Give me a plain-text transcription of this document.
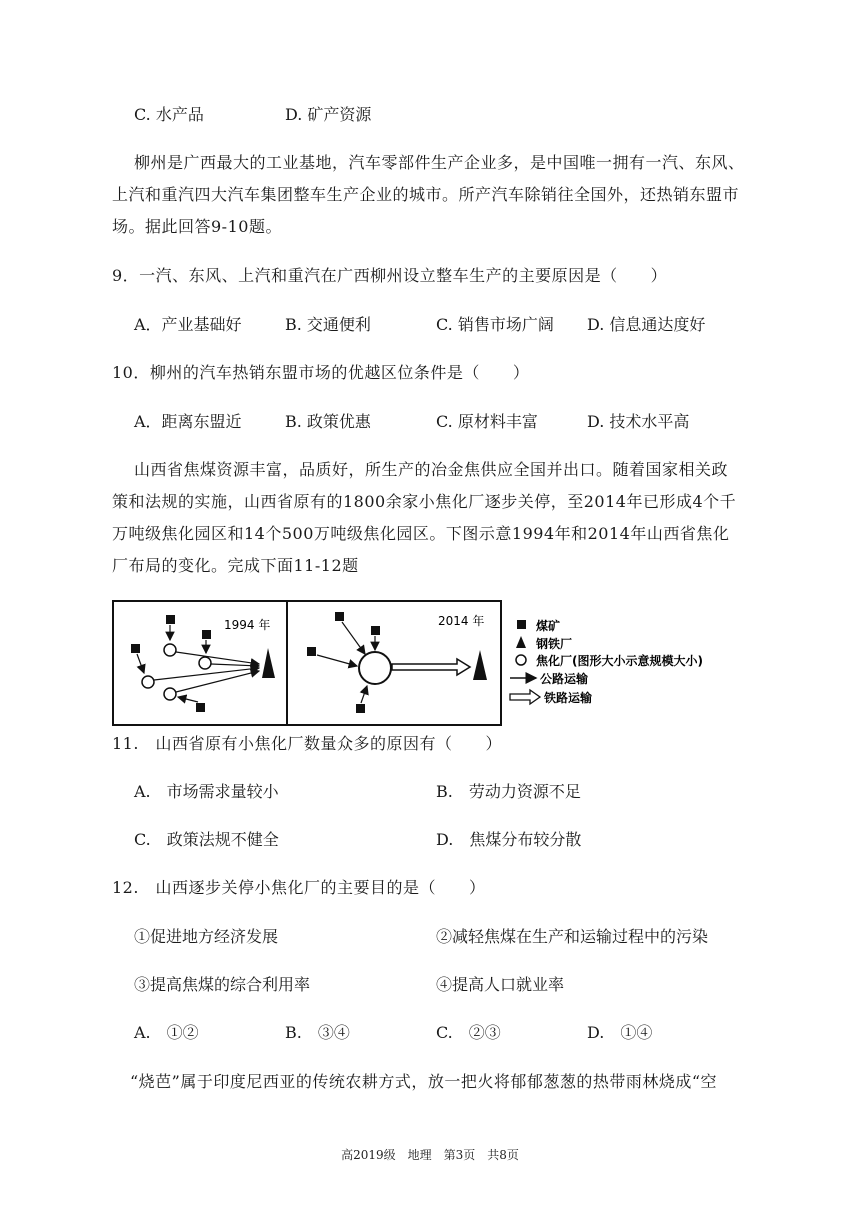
C. 水产品	D. 矿产资源
柳州是广西最大的工业基地，汽车零部件生产企业多，是中国唯一拥有一汽、东风、
上汽和重汽四大汽车集团整车生产企业的城市。所产汽车除销往全国外，还热销东盟市
场。据此回答9-10题。
9．一汽、东风、上汽和重汽在广西柳州设立整车生产的主要原因是（　　）
A．产业基础好	B. 交通便利	C. 销售市场广阔 D. 信息通达度好
10．柳州的汽车热销东盟市场的优越区位条件是（　　）
A．距离东盟近	B. 政策优惠	C. 原材料丰富	D. 技术水平高
山西省焦煤资源丰富，品质好，所生产的冶金焦供应全国并出口。随着国家相关政
策和法规的实施，山西省原有的1800余家小焦化厂逐步关停，至2014年已形成4个千
万吨级焦化园区和14个500万吨级焦化园区。下图示意1994年和2014年山西省焦化
厂布局的变化。完成下面11-12题
1994 年	2014 年	煤矿
钢铁厂
焦化厂(图形大小示意规模大小)
公路运输
铁路运输
11.　山西省原有小焦化厂数量众多的原因有（　　）
A.　市场需求量较小	B.　劳动力资源不足
C.　政策法规不健全	D.　焦煤分布较分散
12.　山西逐步关停小焦化厂的主要目的是（　　）
①促进地方经济发展	②减轻焦煤在生产和运输过程中的污染
③提高焦煤的综合利用率	④提高人口就业率
A.　①②	B.　③④	C.　②③	D.　①④
“烧芭”属于印度尼西亚的传统农耕方式，放一把火将郁郁葱葱的热带雨林烧成“空
高2019级　地理　第3页　共8页
